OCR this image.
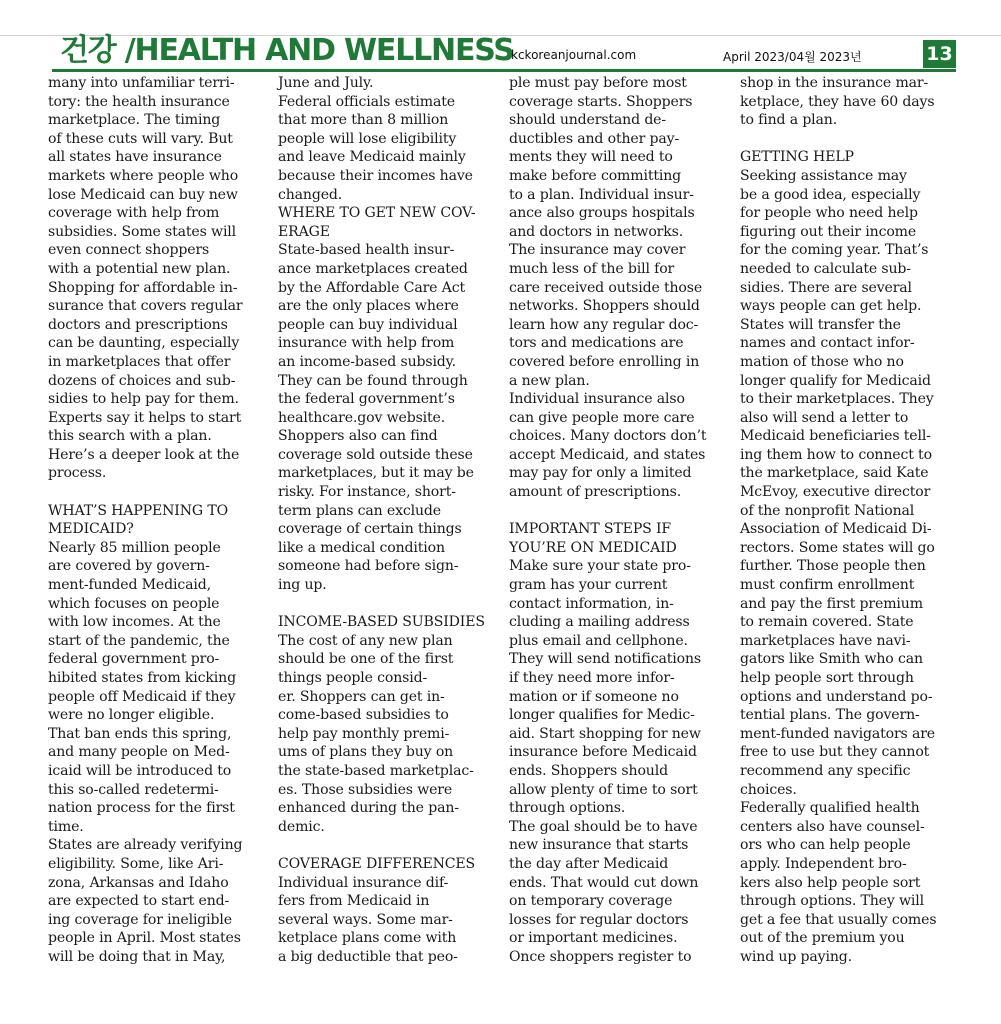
건강 /HEALTH AND WELLNESS
kckoreanjournal.com	April 2023/04월 2023년	13

many into unfamiliar terri-

tory: the health insurance

marketplace. The timing

of these cuts will vary. But

all states have insurance

markets where people who

lose Medicaid can buy new

coverage with help from

subsidies. Some states will

even connect shoppers

with a potential new plan.

Shopping for affordable in-

surance that covers regular

doctors and prescriptions

can be daunting, especially

in marketplaces that offer

dozens of choices and sub-

sidies to help pay for them.

Experts say it helps to start

this search with a plan.

Here’s a deeper look at the

process.

WHAT’S HAPPENING TO

MEDICAID?

Nearly 85 million people

are covered by govern-

ment-funded Medicaid,

which focuses on people

with low incomes. At the

start of the pandemic, the

federal government pro-

hibited states from kicking

people off Medicaid if they

were no longer eligible.

That ban ends this spring,

and many people on Med-

icaid will be introduced to

this so-called redetermi-

nation process for the first

time.

States are already verifying

eligibility. Some, like Ari-

zona, Arkansas and Idaho

are expected to start end-

ing coverage for ineligible

people in April. Most states

will be doing that in May,

June and July.

Federal officials estimate

that more than 8 million

people will lose eligibility

and leave Medicaid mainly

because their incomes have

changed.

WHERE TO GET NEW COV-

ERAGE

State-based health insur-

ance marketplaces created

by the Affordable Care Act

are the only places where

people can buy individual

insurance with help from

an income-based subsidy.

They can be found through

the federal government’s

healthcare.gov website.

Shoppers also can find

coverage sold outside these

marketplaces, but it may be

risky. For instance, short-

term plans can exclude

coverage of certain things

like a medical condition

someone had before sign-

ing up.

INCOME-BASED SUBSIDIES

The cost of any new plan

should be one of the first

things people consid-

er. Shoppers can get in-

come-based subsidies to

help pay monthly premi-

ums of plans they buy on

the state-based marketplac-

es. Those subsidies were

enhanced during the pan-

demic.

COVERAGE DIFFERENCES

Individual insurance dif-

fers from Medicaid in

several ways. Some mar-

ketplace plans come with

a big deductible that peo-

ple must pay before most

coverage starts. Shoppers

should understand de-

ductibles and other pay-

ments they will need to

make before committing

to a plan. Individual insur-

ance also groups hospitals

and doctors in networks.

The insurance may cover

much less of the bill for

care received outside those

networks. Shoppers should

learn how any regular doc-

tors and medications are

covered before enrolling in

a new plan.

Individual insurance also

can give people more care

choices. Many doctors don’t

accept Medicaid, and states

may pay for only a limited

amount of prescriptions.

IMPORTANT STEPS IF

YOU’RE ON MEDICAID

Make sure your state pro-

gram has your current

contact information, in-

cluding a mailing address

plus email and cellphone.

They will send notifications

if they need more infor-

mation or if someone no

longer qualifies for Medic-

aid. Start shopping for new

insurance before Medicaid

ends. Shoppers should

allow plenty of time to sort

through options.

The goal should be to have

new insurance that starts

the day after Medicaid

ends. That would cut down

on temporary coverage

losses for regular doctors

or important medicines.

Once shoppers register to

shop in the insurance mar-

ketplace, they have 60 days

to find a plan.

GETTING HELP

Seeking assistance may

be a good idea, especially

for people who need help

figuring out their income

for the coming year. That’s

needed to calculate sub-

sidies. There are several

ways people can get help.

States will transfer the

names and contact infor-

mation of those who no

longer qualify for Medicaid

to their marketplaces. They

also will send a letter to

Medicaid beneficiaries tell-

ing them how to connect to

the marketplace, said Kate

McEvoy, executive director

of the nonprofit National

Association of Medicaid Di-

rectors. Some states will go

further. Those people then

must confirm enrollment

and pay the first premium

to remain covered. State

marketplaces have navi-

gators like Smith who can

help people sort through

options and understand po-

tential plans. The govern-

ment-funded navigators are

free to use but they cannot

recommend any specific

choices.

Federally qualified health

centers also have counsel-

ors who can help people

apply. Independent bro-

kers also help people sort

through options. They will

get a fee that usually comes

out of the premium you

wind up paying.
